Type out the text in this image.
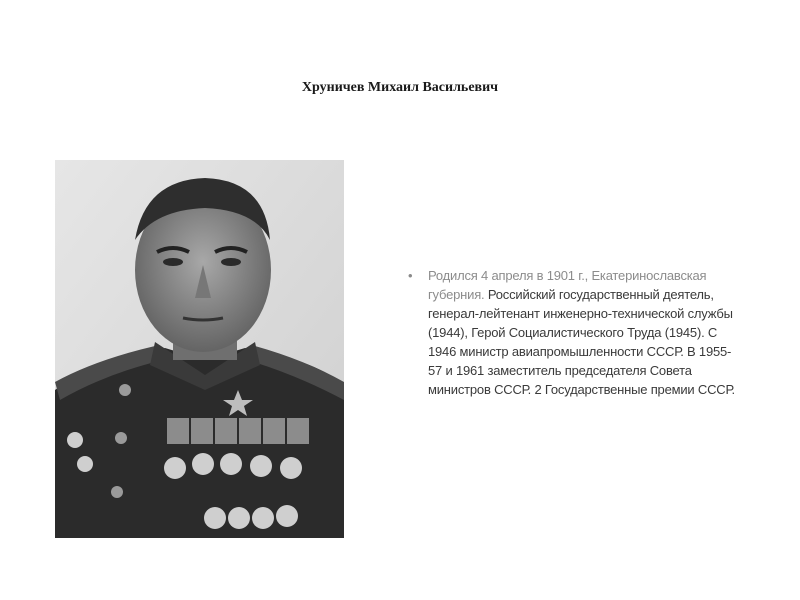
Хруничев Михаил Васильевич
•	Родился 4 апреля в 1901 г., Екатеринославская губерния. Российский государственный деятель, генерал-лейтенант инженерно-технической службы (1944), Герой Социалистического Труда (1945). С 1946 министр авиапромышленности СССР. В 1955-57 и 1961 заместитель председателя Совета министров СССР. 2 Государственные премии СССР.
